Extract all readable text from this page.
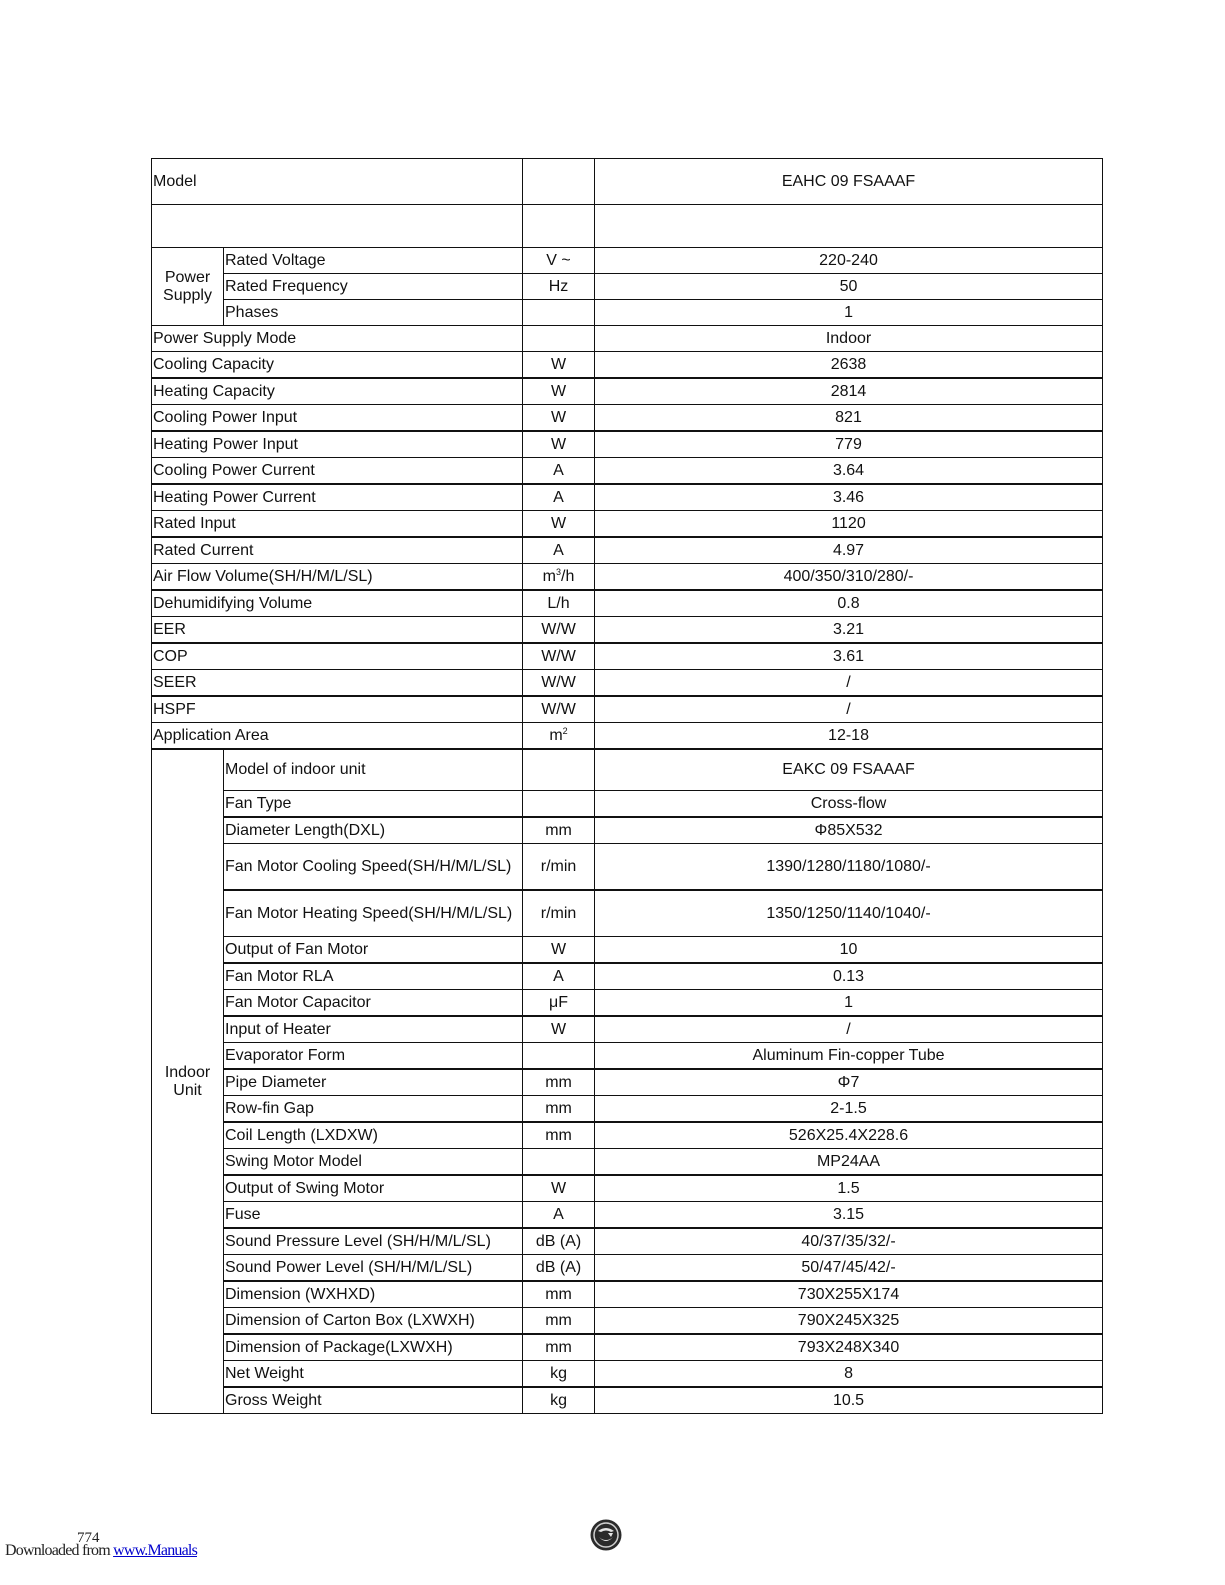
Model			EAHC 09 FSAAAF

Power
Supply	Rated Voltage	V ~	220-240
	Rated Frequency	Hz	50
	Phases		1
Power Supply Mode			Indoor
Cooling Capacity		W	2638
Heating Capacity		W	2814
Cooling Power Input		W	821
Heating Power Input		W	779
Cooling Power Current		A	3.64
Heating Power Current		A	3.46
Rated Input		W	1120
Rated Current		A	4.97
Air Flow Volume(SH/H/M/L/SL)		$m^3/h$	400/350/310/280/-
Dehumidifying Volume		L/h	0.8
EER		W/W	3.21
COP		W/W	3.61
SEER		W/W	/
HSPF		W/W	/
Application Area		$m^2$	12-18

Indoor
Unit	Model of indoor unit		EAKC 09 FSAAAF
	Fan Type		Cross-flow
	Diameter Length(DXL)	mm	Φ85X532
	Fan Motor Cooling Speed(SH/H/M/L/SL)	r/min	1390/1280/1180/1080/-
	Fan Motor Heating Speed(SH/H/M/L/SL)	r/min	1350/1250/1140/1040/-
	Output of Fan Motor	W	10
	Fan Motor RLA	A	0.13
	Fan Motor Capacitor	μF	1
	Input of Heater	W	/
	Evaporator Form		Aluminum Fin-copper Tube
	Pipe Diameter	mm	Φ7
	Row-fin Gap	mm	2-1.5
	Coil Length (LXDXW)	mm	526X25.4X228.6
	Swing Motor Model		MP24AA
	Output of Swing Motor	W	1.5
	Fuse	A	3.15
	Sound Pressure Level (SH/H/M/L/SL)	dB (A)	40/37/35/32/-
	Sound Power Level (SH/H/M/L/SL)	dB (A)	50/47/45/42/-
	Dimension (WXHXD)	mm	730X255X174
	Dimension of Carton Box (LXWXH)	mm	790X245X325
	Dimension of Package(LXWXH)	mm	793X248X340
	Net Weight	kg	8
	Gross Weight	kg	10.5
774
Downloaded from www.Manuals
